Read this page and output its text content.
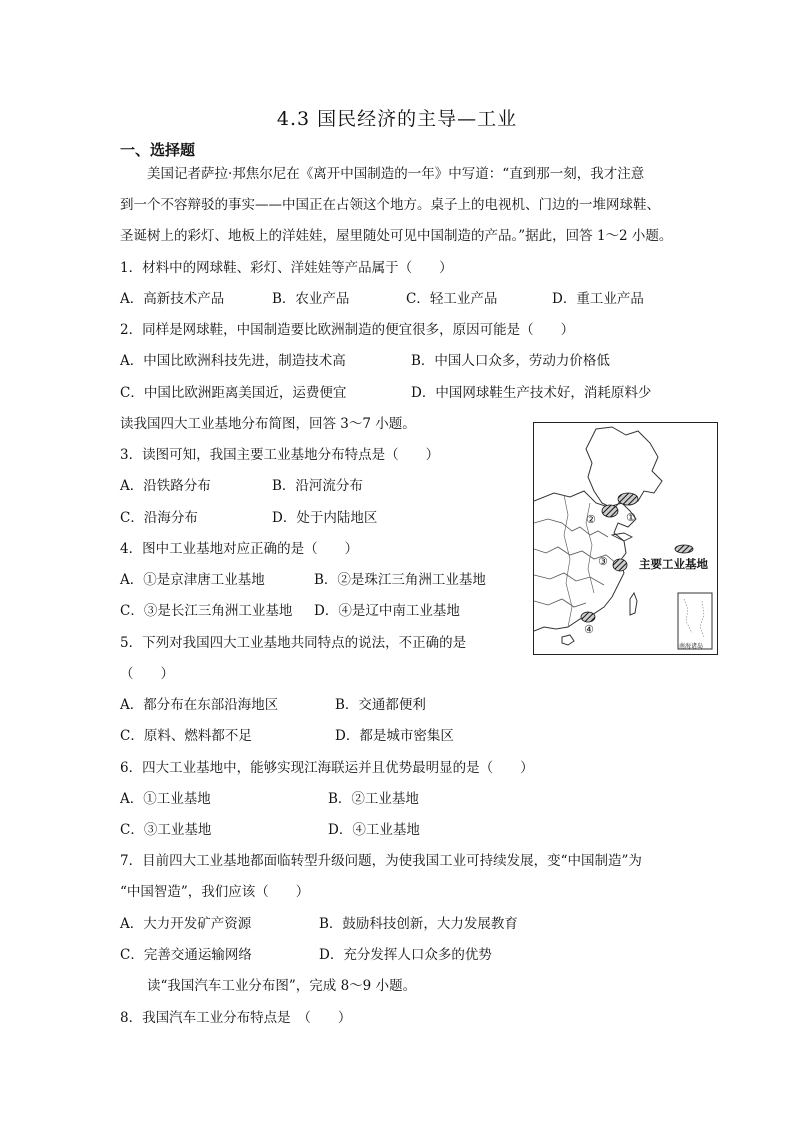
4.3 国民经济的主导—工业
一、选择题
美国记者萨拉·邦焦尔尼在《离开中国制造的一年》中写道：“直到那一刻，我才注意
到一个不容辩驳的事实——中国正在占领这个地方。桌子上的电视机、门边的一堆网球鞋、
圣诞树上的彩灯、地板上的洋娃娃，屋里随处可见中国制造的产品。”据此，回答 1～2 小题。
1．材料中的网球鞋、彩灯、洋娃娃等产品属于（　　）
A．高新技术产品	B．农业产品	C．轻工业产品	D．重工业产品
2．同样是网球鞋，中国制造要比欧洲制造的便宜很多，原因可能是（　　）
A．中国比欧洲科技先进，制造技术高	B．中国人口众多，劳动力价格低
C．中国比欧洲距离美国近，运费便宜	D．中国网球鞋生产技术好，消耗原料少
读我国四大工业基地分布简图，回答 3～7 小题。
3．读图可知，我国主要工业基地分布特点是（　　）
A．沿铁路分布	B．沿河流分布
C．沿海分布	D．处于内陆地区
4．图中工业基地对应正确的是（　　）
A．①是京津唐工业基地	B．②是珠江三角洲工业基地
C．③是长江三角洲工业基地 D．④是辽中南工业基地
5．下列对我国四大工业基地共同特点的说法，不正确的是
（　　）
A．都分布在东部沿海地区	B．交通都便利
C．原料、燃料都不足	D．都是城市密集区
6．四大工业基地中，能够实现江海联运并且优势最明显的是（　　）
A．①工业基地	B．②工业基地
C．③工业基地	D．④工业基地
7．目前四大工业基地都面临转型升级问题，为使我国工业可持续发展，变“中国制造”为
“中国智造”，我们应该（　　）
A．大力开发矿产资源	B．鼓励科技创新，大力发展教育
C．完善交通运输网络	D．充分发挥人口众多的优势
读“我国汽车工业分布图”，完成 8～9 小题。
8．我国汽车工业分布特点是　（　　）
①
②
③
④
主要工业基地
南海诸岛
